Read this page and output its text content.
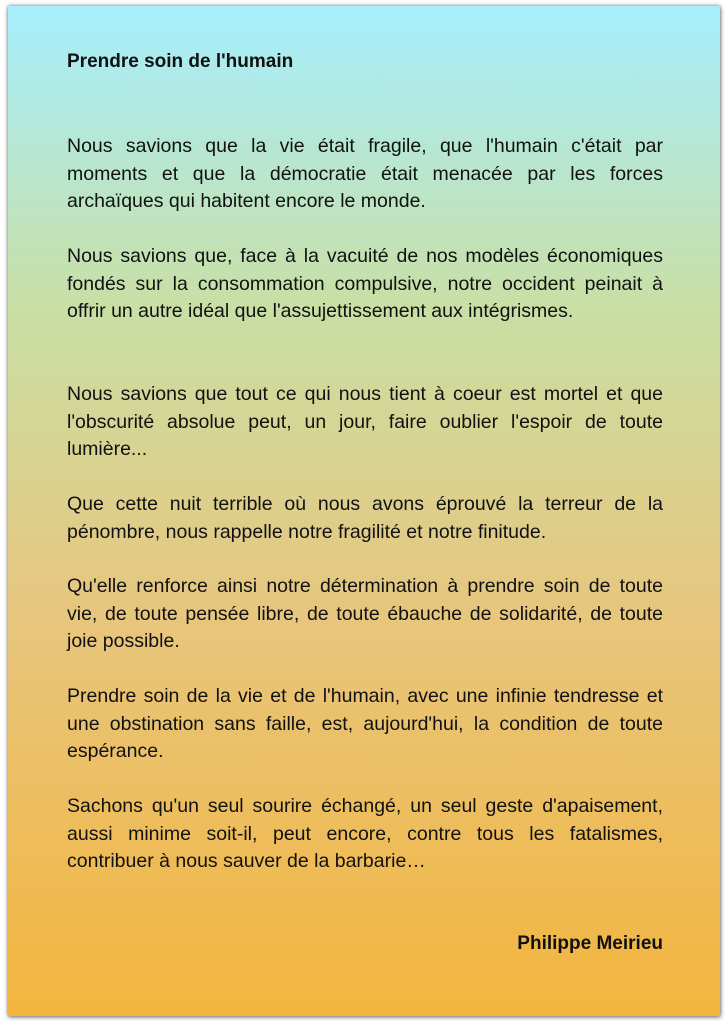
Prendre soin de l'humain

Nous savions que la vie était fragile, que l'humain c'était par moments et que la démocratie était menacée par les forces archaïques qui habitent encore le monde.

Nous savions que, face à la vacuité de nos modèles économiques fondés sur la consommation compulsive, notre occident peinait à offrir un autre idéal que l'assujettissement aux intégrismes.

Nous savions que tout ce qui nous tient à coeur est mortel et que l'obscurité absolue peut, un jour, faire oublier l'espoir de toute lumière...

Que cette nuit terrible où nous avons éprouvé la terreur de la pénombre, nous rappelle notre fragilité et notre finitude.

Qu'elle renforce ainsi notre détermination à prendre soin de toute vie, de toute pensée libre, de toute ébauche de solidarité, de toute joie possible.

Prendre soin de la vie et de l'humain, avec une infinie tendresse et une obstination sans faille, est, aujourd'hui, la condition de toute espérance.

Sachons qu'un seul sourire échangé, un seul geste d'apaisement, aussi minime soit-il, peut encore, contre tous les fatalismes, contribuer à nous sauver de la barbarie…

Philippe Meirieu
